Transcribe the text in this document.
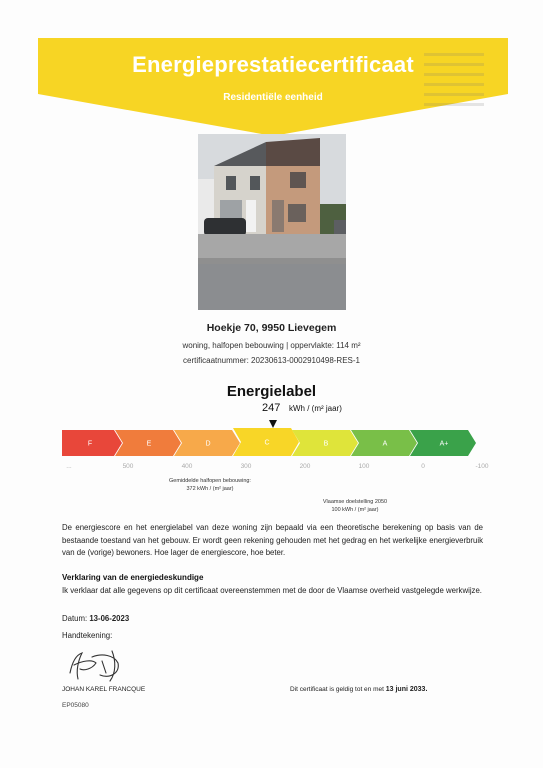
Energieprestatiecertificaat
Residentiële eenheid
Hoekje 70, 9950 Lievegem
woning, halfopen bebouwing | oppervlakte: 114 m²
certificaatnummer: 20230613-0002910498-RES-1
Energielabel
247 kWh / (m² jaar)
F	E	D	C	B	A	A+
...	500	400	300	200	100	0	-100
Gemiddelde halfopen bebouwing:
372 kWh / (m² jaar)
Vlaamse doelstelling 2050
100 kWh / (m² jaar)
De energiescore en het energielabel van deze woning zijn bepaald via een theoretische berekening op basis van de bestaande toestand van het gebouw. Er wordt geen rekening gehouden met het gedrag en het werkelijke energieverbruik van de (vorige) bewoners. Hoe lager de energiescore, hoe beter.
Verklaring van de energiedeskundige
Ik verklaar dat alle gegevens op dit certificaat overeenstemmen met de door de Vlaamse overheid vastgelegde werkwijze.
Datum: 13-06-2023
Handtekening:
JOHAN KAREL FRANCQUE
EP05080
Dit certificaat is geldig tot en met 13 juni 2033.
